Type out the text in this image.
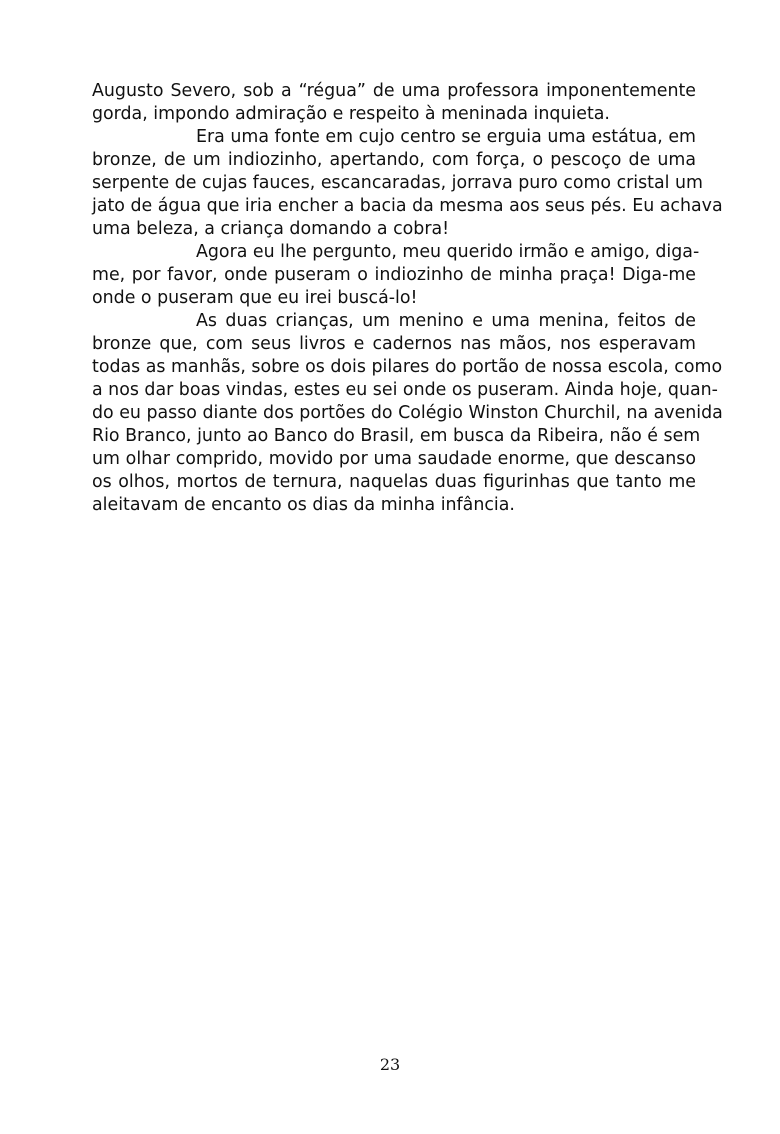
Augusto Severo, sob a “régua” de uma professora imponentemente

gorda, impondo admiração e respeito à meninada inquieta.

Era uma fonte em cujo centro se erguia uma estátua, em

bronze, de um indiozinho, apertando, com força, o pescoço de uma

serpente de cujas fauces, escancaradas, jorrava puro como cristal um

jato de água que iria encher a bacia da mesma aos seus pés. Eu achava

uma beleza, a criança domando a cobra!

Agora eu lhe pergunto, meu querido irmão e amigo, diga-

me, por favor, onde puseram o indiozinho de minha praça! Diga-me

onde o puseram que eu irei buscá-lo!

As duas crianças, um menino e uma menina, feitos de

bronze que, com seus livros e cadernos nas mãos, nos esperavam

todas as manhãs, sobre os dois pilares do portão de nossa escola, como

a nos dar boas vindas, estes eu sei onde os puseram. Ainda hoje, quan-

do eu passo diante dos portões do Colégio Winston Churchil, na avenida

Rio Branco, junto ao Banco do Brasil, em busca da Ribeira, não é sem

um olhar comprido, movido por uma saudade enorme, que descanso

os olhos, mortos de ternura, naquelas duas figurinhas que tanto me

aleitavam de encanto os dias da minha infância.

23
